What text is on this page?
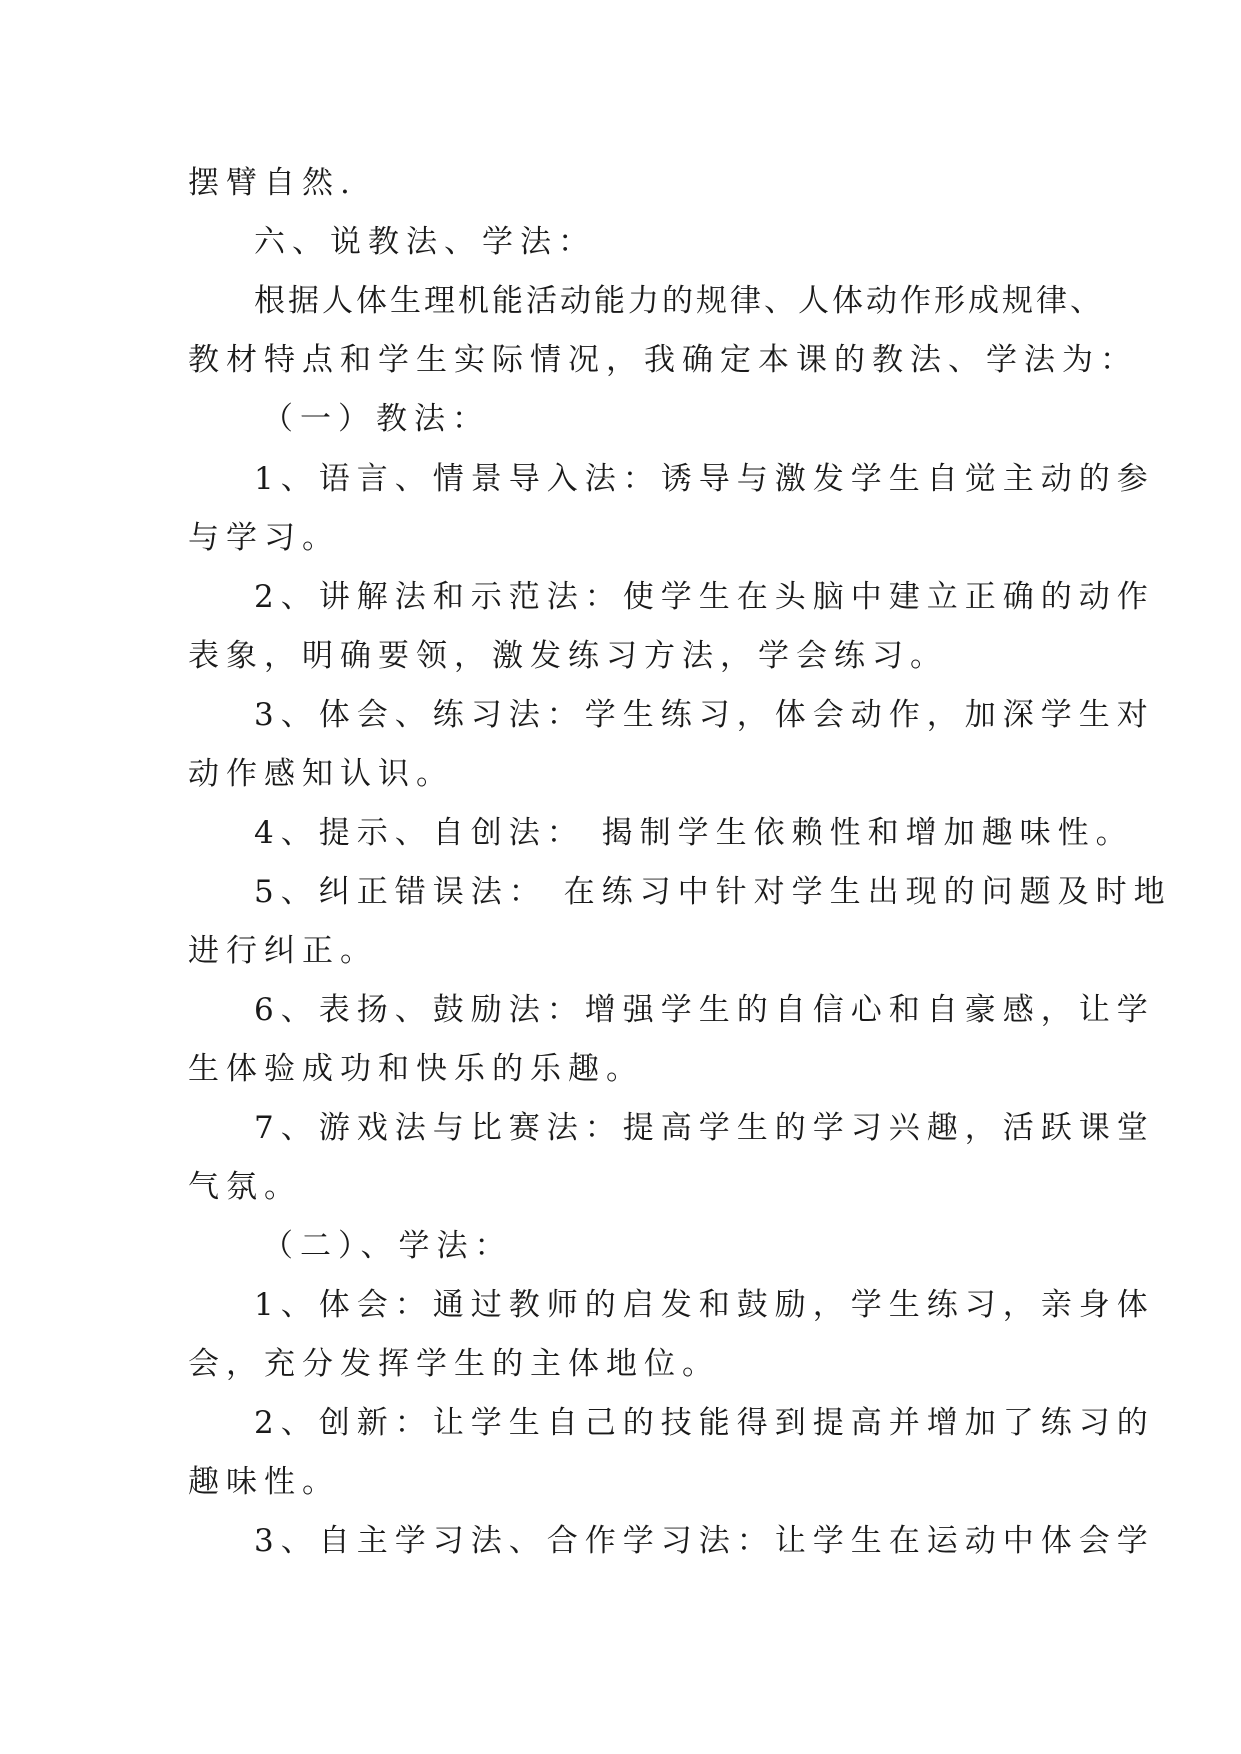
摆臂自然.
六、说教法、学法：
根据人体生理机能活动能力的规律、人体动作形成规律、
教材特点和学生实际情况，我确定本课的教法、学法为：
（一）教法：
1、语言、情景导入法：诱导与激发学生自觉主动的参
与学习。
2、讲解法和示范法：使学生在头脑中建立正确的动作
表象，明确要领，激发练习方法，学会练习。
3、体会、练习法：学生练习，体会动作，加深学生对
动作感知认识。
4、提示、自创法： 揭制学生依赖性和增加趣味性。
5、纠正错误法： 在练习中针对学生出现的问题及时地
进行纠正。
6、表扬、鼓励法：增强学生的自信心和自豪感，让学
生体验成功和快乐的乐趣。
7、游戏法与比赛法：提高学生的学习兴趣，活跃课堂
气氛。
（二）、学法：
1、体会：通过教师的启发和鼓励，学生练习，亲身体
会，充分发挥学生的主体地位。
2、创新：让学生自己的技能得到提高并增加了练习的
趣味性。
3、自主学习法、合作学习法：让学生在运动中体会学
